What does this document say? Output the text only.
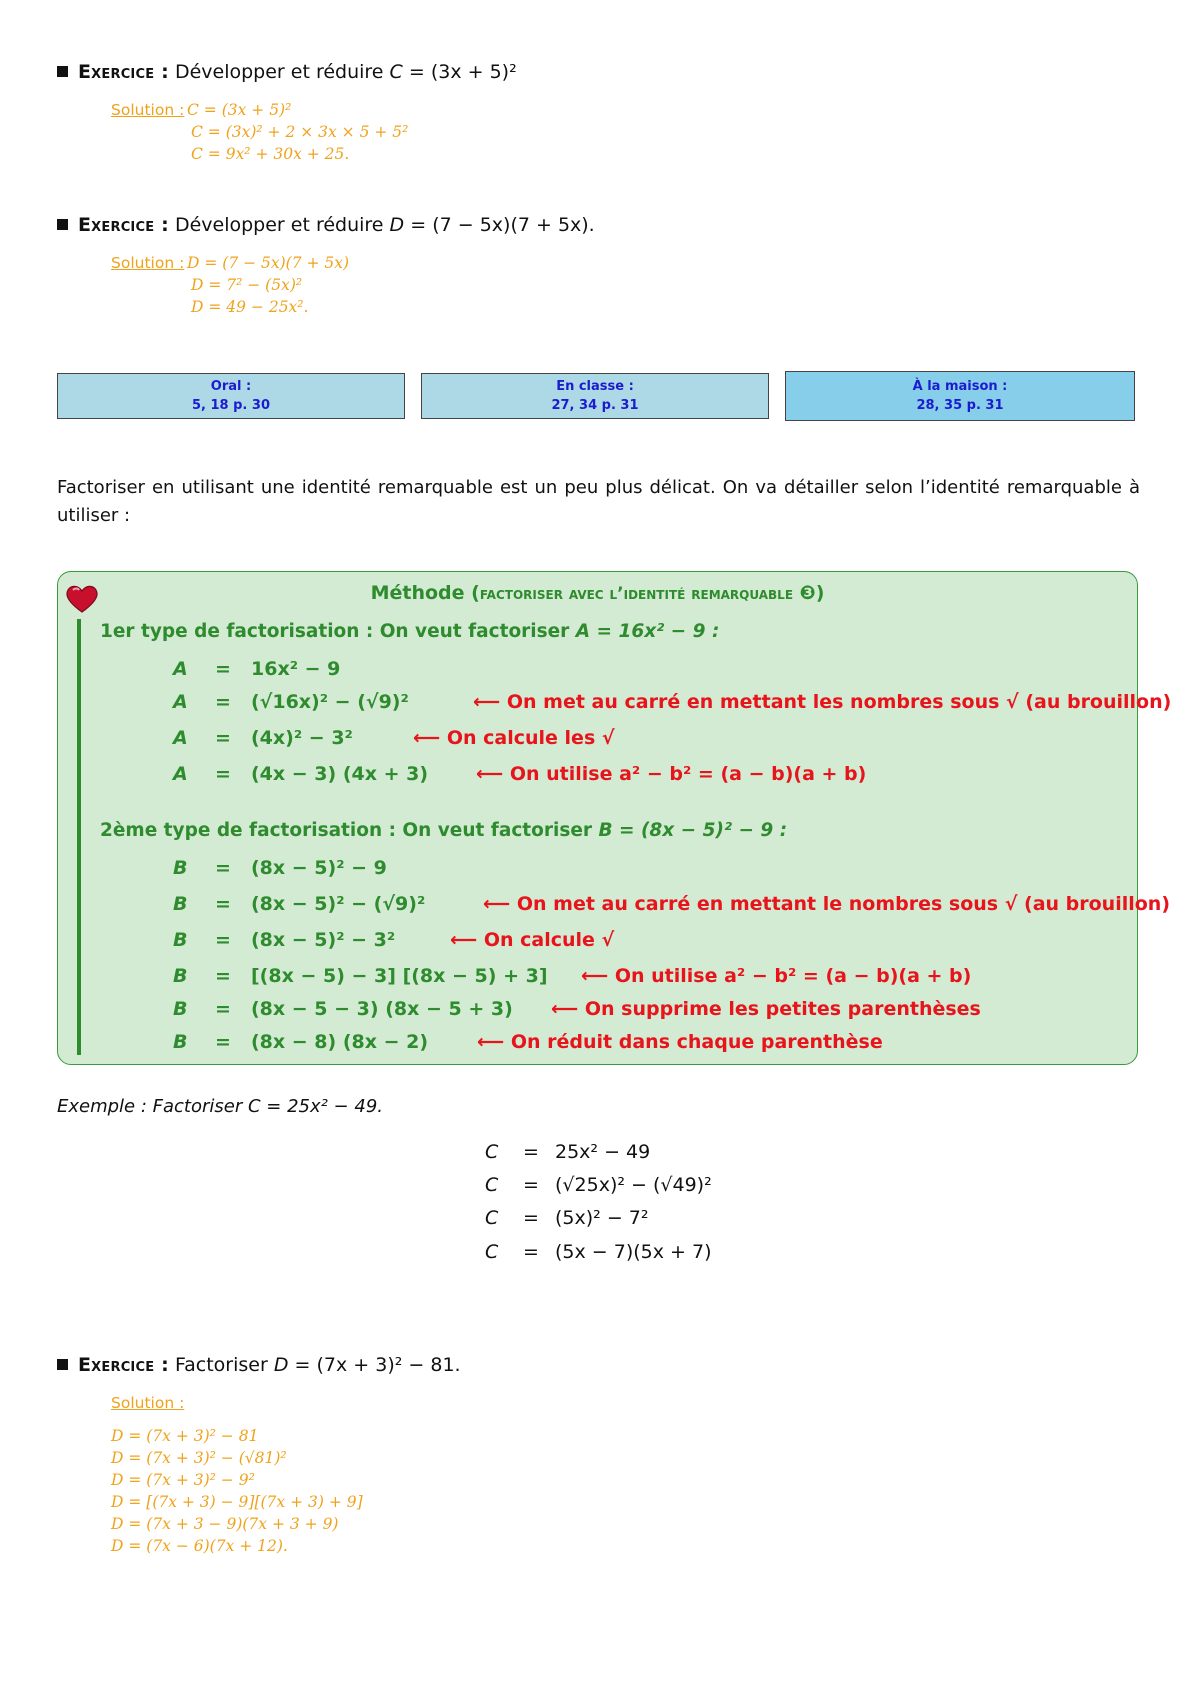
Exercice : Développer et réduire C = (3x + 5)²
Solution : C = (3x + 5)²
C = (3x)² + 2 × 3x × 5 + 5²
C = 9x² + 30x + 25.
Exercice : Développer et réduire D = (7 − 5x)(7 + 5x).
Solution : D = (7 − 5x)(7 + 5x)
D = 7² − (5x)²
D = 49 − 25x².
Oral :
5, 18 p. 30
En classe :
27, 34 p. 31
À la maison :
28, 35 p. 31
Factoriser en utilisant une identité remarquable est un peu plus délicat. On va détailler selon l’identité remarquable à utiliser :
Méthode (factoriser avec l’identité remarquable ❸)
1er type de factorisation : On veut factoriser A = 16x² − 9 :
A	= 16x² − 9
A	= (√16x)² − (√9)²	⟵ On met au carré en mettant les nombres sous √ (au brouillon)
A	= (4x)² − 3²	⟵ On calcule les √
A	= (4x − 3) (4x + 3)	⟵ On utilise a² − b² = (a − b)(a + b)
2ème type de factorisation : On veut factoriser B = (8x − 5)² − 9 :
B	= (8x − 5)² − 9
B	= (8x − 5)² − (√9)²	⟵ On met au carré en mettant le nombres sous √ (au brouillon)
B	= (8x − 5)² − 3²	⟵ On calcule √
B	= [(8x − 5) − 3] [(8x − 5) + 3] ⟵ On utilise a² − b² = (a − b)(a + b)
B	= (8x − 5 − 3) (8x − 5 + 3) ⟵ On supprime les petites parenthèses
B	= (8x − 8) (8x − 2)	⟵ On réduit dans chaque parenthèse
Exemple : Factoriser C = 25x² − 49.
C = 25x² − 49
C = (√25x)² − (√49)²
C = (5x)² − 7²
C = (5x − 7)(5x + 7)
Exercice : Factoriser D = (7x + 3)² − 81.
Solution :
D = (7x + 3)² − 81
D = (7x + 3)² − (√81)²
D = (7x + 3)² − 9²
D = [(7x + 3) − 9][(7x + 3) + 9]
D = (7x + 3 − 9)(7x + 3 + 9)
D = (7x − 6)(7x + 12).
